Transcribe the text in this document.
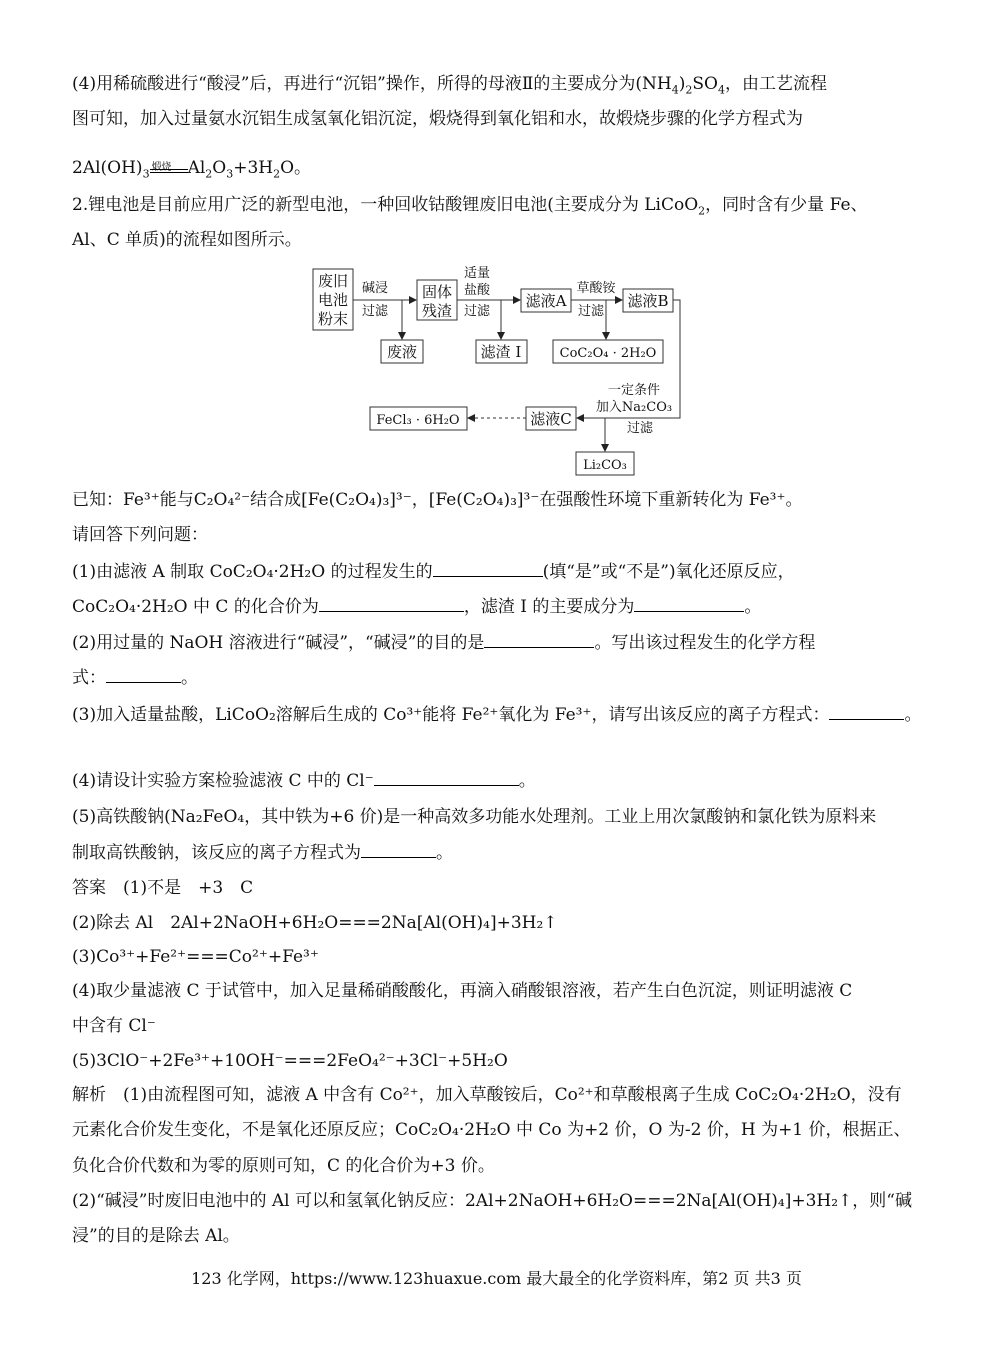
(4)用稀硫酸进行“酸浸”后，再进行“沉铝”操作，所得的母液Ⅱ的主要成分为$(NH_4)_2SO_4$，由工艺流程
图可知，加入过量氨水沉铝生成氢氧化铝沉淀，煅烧得到氧化铝和水，故煅烧步骤的化学方程式为
$2Al(OH)_3$ 煅烧 $Al_2O_3+3H_2O$。
2.锂电池是目前应用广泛的新型电池，一种回收钴酸锂废旧电池(主要成分为 LiCoO$_2$，同时含有少量 Fe、
Al、C 单质)的流程如图所示。
废旧
电池
粉末
固体
残渣
滤液A	滤液B
废液	滤渣 Ⅰ	CoC₂O₄ · 2H₂O
滤液C
FeCl₃ · 6H₂O
Li₂CO₃
碱浸
过滤
适量
盐酸
过滤
草酸铵
过滤
一定条件
加入Na₂CO₃
过滤
已知：Fe³⁺能与C₂O₄²⁻结合成[Fe(C₂O₄)₃]³⁻，[Fe(C₂O₄)₃]³⁻在强酸性环境下重新转化为 Fe³⁺。
请回答下列问题：
(1)由滤液 A 制取 CoC₂O₄·2H₂O 的过程发生的	(填“是”或“不是”)氧化还原反应，
CoC₂O₄·2H₂O 中 C 的化合价为	，滤渣 Ⅰ 的主要成分为	。
(2)用过量的 NaOH 溶液进行“碱浸”，“碱浸”的目的是	。写出该过程发生的化学方程
式：	。
(3)加入适量盐酸，LiCoO₂溶解后生成的 Co³⁺能将 Fe²⁺氧化为 Fe³⁺，请写出该反应的离子方程式：	。
(4)请设计实验方案检验滤液 C 中的 Cl⁻	。
(5)高铁酸钠(Na₂FeO₄，其中铁为+6 价)是一种高效多功能水处理剂。工业上用次氯酸钠和氯化铁为原料来
制取高铁酸钠，该反应的离子方程式为	。
答案　(1)不是　+3　C
(2)除去 Al　2Al+2NaOH+6H₂O===2Na[Al(OH)₄]+3H₂↑
(3)Co³⁺+Fe²⁺===Co²⁺+Fe³⁺
(4)取少量滤液 C 于试管中，加入足量稀硝酸酸化，再滴入硝酸银溶液，若产生白色沉淀，则证明滤液 C
中含有 Cl⁻
(5)3ClO⁻+2Fe³⁺+10OH⁻===2FeO₄²⁻+3Cl⁻+5H₂O
解析　(1)由流程图可知，滤液 A 中含有 Co²⁺，加入草酸铵后，Co²⁺和草酸根离子生成 CoC₂O₄·2H₂O，没有
元素化合价发生变化，不是氧化还原反应；CoC₂O₄·2H₂O 中 Co 为+2 价，O 为-2 价，H 为+1 价，根据正、
负化合价代数和为零的原则可知，C 的化合价为+3 价。
(2)“碱浸”时废旧电池中的 Al 可以和氢氧化钠反应：2Al+2NaOH+6H₂O===2Na[Al(OH)₄]+3H₂↑，则“碱
浸”的目的是除去 Al。
123 化学网，https://www.123huaxue.com 最大最全的化学资料库，第2 页 共3 页
